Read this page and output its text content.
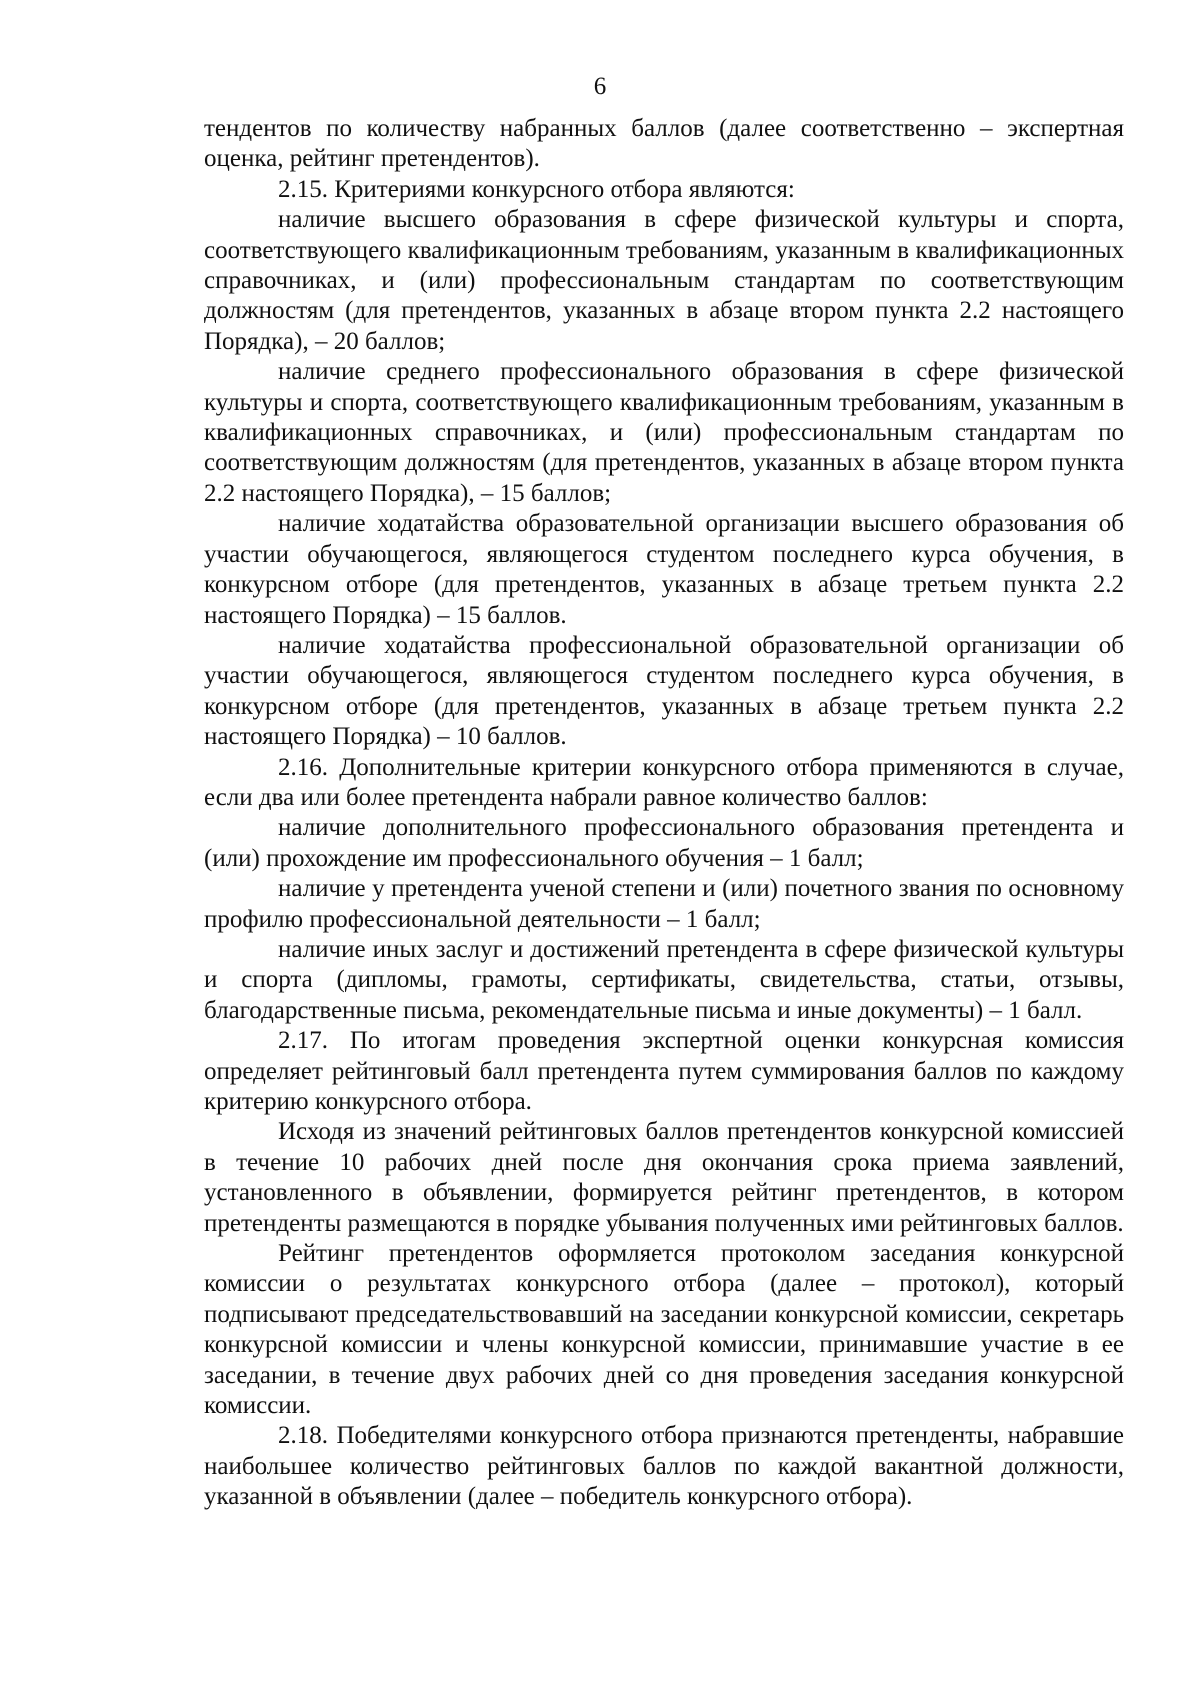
6

тендентов по количеству набранных баллов (далее соответственно – экспертная оценка, рейтинг претендентов).

2.15. Критериями конкурсного отбора являются:

наличие высшего образования в сфере физической культуры и спорта, соответствующего квалификационным требованиям, указанным в квалификационных справочниках, и (или) профессиональным стандартам по соответствующим должностям (для претендентов, указанных в абзаце втором пункта 2.2 настоящего Порядка), – 20 баллов;

наличие среднего профессионального образования в сфере физической культуры и спорта, соответствующего квалификационным требованиям, указанным в квалификационных справочниках, и (или) профессиональным стандартам по соответствующим должностям (для претендентов, указанных в абзаце втором пункта 2.2 настоящего Порядка), – 15 баллов;

наличие ходатайства образовательной организации высшего образования об участии обучающегося, являющегося студентом последнего курса обучения, в конкурсном отборе (для претендентов, указанных в абзаце третьем пункта 2.2 настоящего Порядка) – 15 баллов.

наличие ходатайства профессиональной образовательной организации об участии обучающегося, являющегося студентом последнего курса обучения, в конкурсном отборе (для претендентов, указанных в абзаце третьем пункта 2.2 настоящего Порядка) – 10 баллов.

2.16. Дополнительные критерии конкурсного отбора применяются в случае, если два или более претендента набрали равное количество баллов:

наличие дополнительного профессионального образования претендента и (или) прохождение им профессионального обучения – 1 балл;

наличие у претендента ученой степени и (или) почетного звания по основному профилю профессиональной деятельности – 1 балл;

наличие иных заслуг и достижений претендента в сфере физической культуры и спорта (дипломы, грамоты, сертификаты, свидетельства, статьи, отзывы, благодарственные письма, рекомендательные письма и иные документы) – 1 балл.

2.17. По итогам проведения экспертной оценки конкурсная комиссия определяет рейтинговый балл претендента путем суммирования баллов по каждому критерию конкурсного отбора.

Исходя из значений рейтинговых баллов претендентов конкурсной комиссией в течение 10 рабочих дней после дня окончания срока приема заявлений, установленного в объявлении, формируется рейтинг претендентов, в котором претенденты размещаются в порядке убывания полученных ими рейтинговых баллов.

Рейтинг претендентов оформляется протоколом заседания конкурсной комиссии о результатах конкурсного отбора (далее – протокол), который подписывают председательствовавший на заседании конкурсной комиссии, секретарь конкурсной комиссии и члены конкурсной комиссии, принимавшие участие в ее заседании, в течение двух рабочих дней со дня проведения заседания конкурсной комиссии.

2.18. Победителями конкурсного отбора признаются претенденты, набравшие наибольшее количество рейтинговых баллов по каждой вакантной должности, указанной в объявлении (далее – победитель конкурсного отбора).
